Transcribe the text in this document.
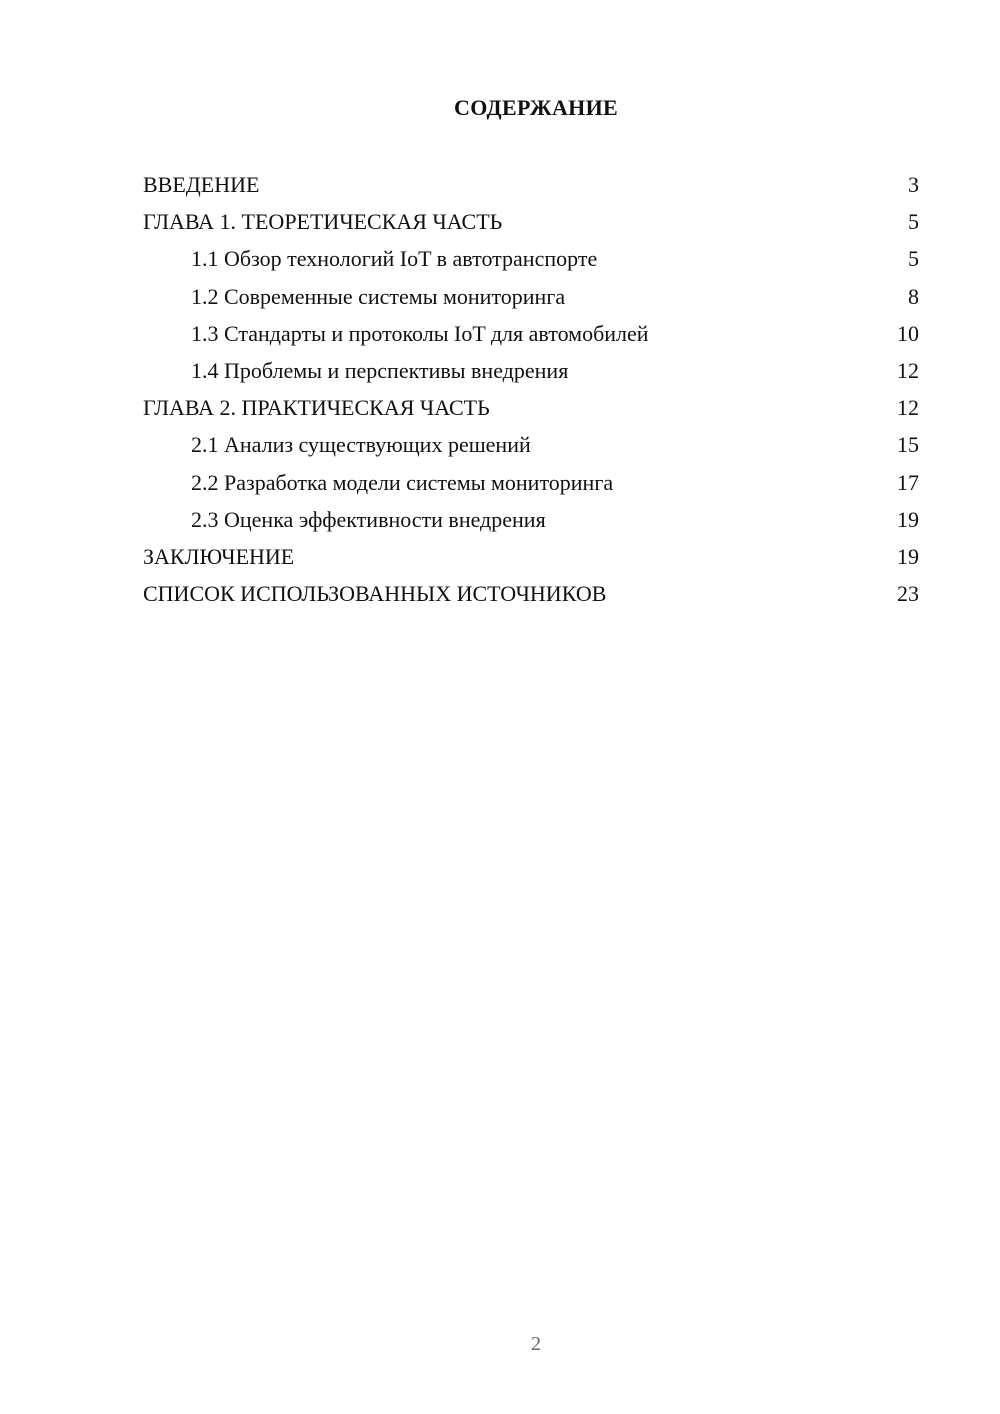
СОДЕРЖАНИЕ
ВВЕДЕНИЕ	3
ГЛАВА 1. ТЕОРЕТИЧЕСКАЯ ЧАСТЬ	5
1.1 Обзор технологий IoT в автотранспорте	5
1.2 Современные системы мониторинга	8
1.3 Стандарты и протоколы IoT для автомобилей	10
1.4 Проблемы и перспективы внедрения	12
ГЛАВА 2. ПРАКТИЧЕСКАЯ ЧАСТЬ	12
2.1 Анализ существующих решений	15
2.2 Разработка модели системы мониторинга	17
2.3 Оценка эффективности внедрения	19
ЗАКЛЮЧЕНИЕ	19
СПИСОК ИСПОЛЬЗОВАННЫХ ИСТОЧНИКОВ	23
2
